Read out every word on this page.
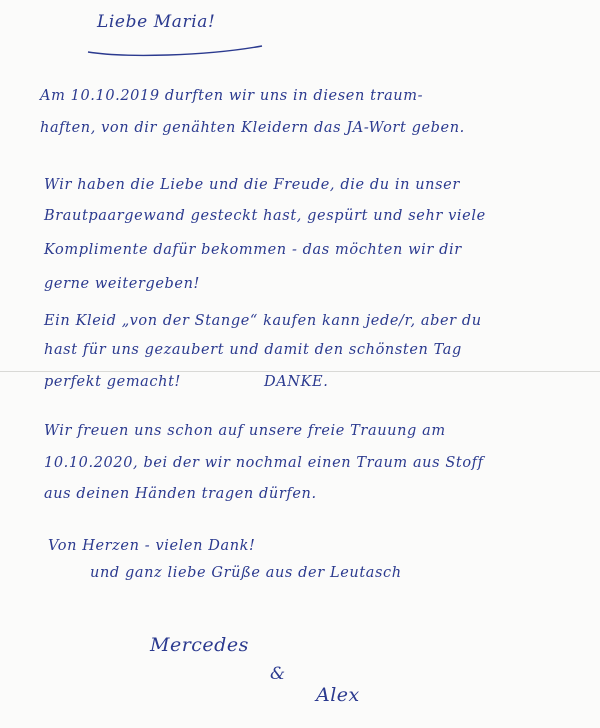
Liebe Maria!
Am 10.10.2019 durften wir uns in diesen traum-
haften, von dir genähten Kleidern das JA-Wort geben.
Wir haben die Liebe und die Freude, die du in unser
Brautpaargewand gesteckt hast, gespürt und sehr viele
Komplimente dafür bekommen - das möchten wir dir
gerne weitergeben!
Ein Kleid „von der Stange“ kaufen kann jede/r, aber du
hast für uns gezaubert und damit den schönsten Tag
perfekt gemacht!	DANKE.
Wir freuen uns schon auf unsere freie Trauung am
10.10.2020, bei der wir nochmal einen Traum aus Stoff
aus deinen Händen tragen dürfen.
Von Herzen - vielen Dank!
und ganz liebe Grüße aus der Leutasch
Mercedes
&
Alex
